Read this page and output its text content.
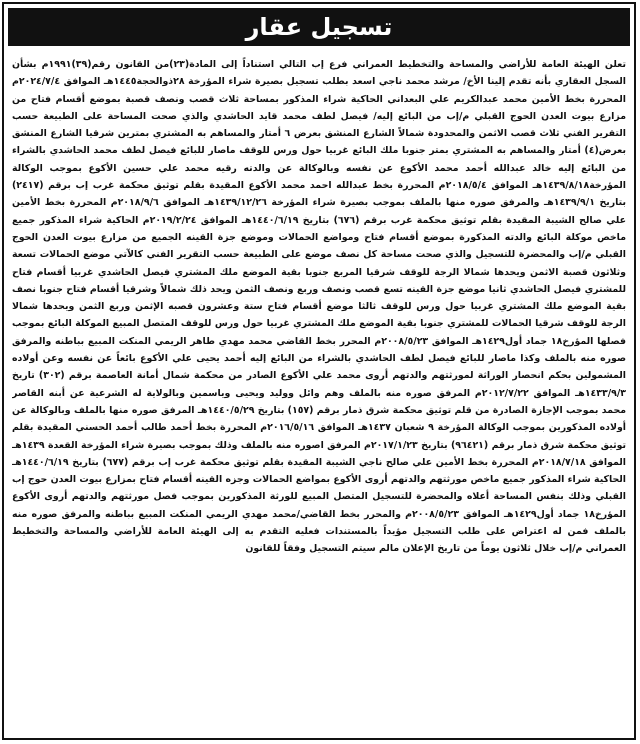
تسجيل عقار
تعلن الهيئة العامة للأراضي والمساحة والتخطيط العمراني فرع إب التالي استناداً إلى المادة(٢٣)من القانون رقم(٣٩)١٩٩١م بشأن السجل العقاري بأنه تقدم إلينا الأخ/ مرشد محمد ناجي اسعد بطلب تسجيل بصيرة شراء المؤرخة ٢٨ذوالحجة١٤٤٥هـ الموافق ٢٠٢٤/٧/٤م المحررة بخط الأمين محمد عبدالكريم علي البعداني الحاكية شراء المذكور بمساحة ثلاث قصب ونصف قصبة بموضع أقسام فتاح من مزارع بيوت العدن الحوج القبلي م/إب من البائع إليه/ فيصل لطف محمد قايد الحاشدي والذي صحت المساحة على الطبيعة حسب التقرير الفني ثلاث قصب الاثمن والمحدودة شمالاً الشارع المنشق بعرض ٦ أمتار والمساهم به المشتري بمترين شرقيا الشارع المنشق بعرض(٤) أمتار والمساهم به المشتري بمتر جنوبا ملك البائع غربيا حول ورس للوقف ماصار للبائع فيصل لطف محمد الحاشدي بالشراء من البائع إليه خالد عبدالله أحمد محمد الأكوع عن نفسه وبالوكالة عن والدته رقيه محمد علي حسين الأكوع بموجب الوكالة المؤرخة١٤٣٩/٨/١٨هـ الموافق ٢٠١٨/٥/٤م المحررة بخط عبدالله احمد محمد الأكوع المقيدة بقلم توثيق محكمة غرب إب برقم (٢٤١٧) بتاريخ ١٤٣٩/٩/١هـ والمرفق صوره منها بالملف بموجب بصيرة شراء المؤرخة ١٤٣٩/١٢/٢٦هـ الموافق ٢٠١٨/٩/٦م المحررة بخط الأمين علي صالح الشيبة المقيدة بقلم توثيق محكمة غرب برقم (٦٧٦) بتاريخ ١٤٤٠/٦/١٩هـ الموافق ٢٠١٩/٢/٢٤م الحاكية شراء المذكور جميع ماخص موكلة البائع والدته المذكورة بموضع أقسام فتاح ومواضع الحمالات وموضع جزة القينه الجميع من مزارع بيوت العدن الحوج القبلي م/إب والمحضرة للتسجيل والذي صحت مساحة كل نصف موضع على الطبيعة حسب التقرير الفني كالآتي موضع الحمالات تسعة وثلاثون قصبة الاثمن ويحدها شمالا الرجة للوقف شرقيا المربع جنوبا بقية الموضع ملك المشتري فيصل الحاشدي غربيا أقسام فتاح للمشتري فيصل الحاشدي ثانيا موضع جزة القينه تسع قصب ونصف وربع ونصف الثمن ويحد ذلك شمالاً وشرقيا أقسام فتاح جنوبا نصف بقية الموضع ملك المشتري غربيا حول ورس للوقف ثالثا موضع أقسام فتاح ستة وعشرون قصبه الإثمن وربع الثمن ويحدها شمالا الرجة للوقف شرقيا الحمالات للمشتري جنوبا بقية الموضع ملك المشتري غربيا حول ورس للوقف المتصل المبيع الموكلة البائع بموجب فصلها المؤرخ١٨ جماد أول١٤٢٩هـ الموافق ٢٠٠٨/٥/٢٣م المحرر بخط القاضي محمد مهدي طاهر الريمي المنكت المبيع بباطنه والمرفق صوره منه بالملف وكذا ماصار للبائع فيصل لطف الحاشدي بالشراء من البائع إليه أحمد يحيى علي الأكوع بائعاً عن نفسه وعن أولاده المشمولين بحكم انحصار الوراثة لمورثتهم والدتهم أروى محمد علي الأكوع الصادر من محكمة شمال أمانة العاصمة برقم (٣٠٢) تاريخ ١٤٣٣/٩/٣هـ الموافق ٢٠١٢/٧/٢٢م المرفق صوره منه بالملف وهم وائل ووليد ويحيى وياسمين وبالولاية له الشرعية عن أبنه القاصر محمد بموجب الإجازة الصادرة من قلم توثيق محكمة شرق ذمار برقم (١٥٧) بتاريخ ١٤٤٠/٥/٢٩هـ المرفق صوره منها بالملف وبالوكالة عن أولاده المذكورين بموجب الوكالة المؤرخة ٩ شعبان ١٤٣٧هـ الموافق ٢٠١٦/٥/١٦م المحررة بخط أحمد طالب أحمد الحسني المقيدة بقلم توثيق محكمة شرق ذمار برقم (٩٦٤٢١) بتاريخ ٢٠١٧/١/٢٣م المرفق اصوره منه بالملف وذلك بموجب بصيرة شراء المؤرخة القعدة ١٤٣٩هـ الموافق ٢٠١٨/٧/١٨م المحررة بخط الأمين علي صالح ناجي الشيبة المقيدة بقلم توثيق محكمة غرب إب برقم (٦٧٧) بتاريخ ١٤٤٠/٦/١٩هـ الحاكية شراء المذكور جميع ماخص مورثتهم والدتهم أروى الأكوع بمواضع الحمالات وجزه القينه أقسام فتاح بمزارع بيوت العدن حوج إب القبلي وذلك بنفس المساحة أعلاه والمحضرة للتسجيل المتصل المبيع للورثة المذكورين بموجب فصل مورثتهم والدتهم أروى الأكوع المؤرخ١٨ جماد أول١٤٢٩هـ الموافق ٢٠٠٨/٥/٢٣م والمحرر بخط القاضي/محمد مهدي الريمي المنكت المبيع بباطنه والمرفق صوره منه بالملف فمن له اعتراض على طلب التسجيل مؤيداً بالمستندات فعليه التقدم به إلى الهيئة العامة للأراضي والمساحة والتخطيط العمراني م/إب خلال ثلاثون يوماً من تاريخ الإعلان مالم سيتم التسجيل وفقاً للقانون
